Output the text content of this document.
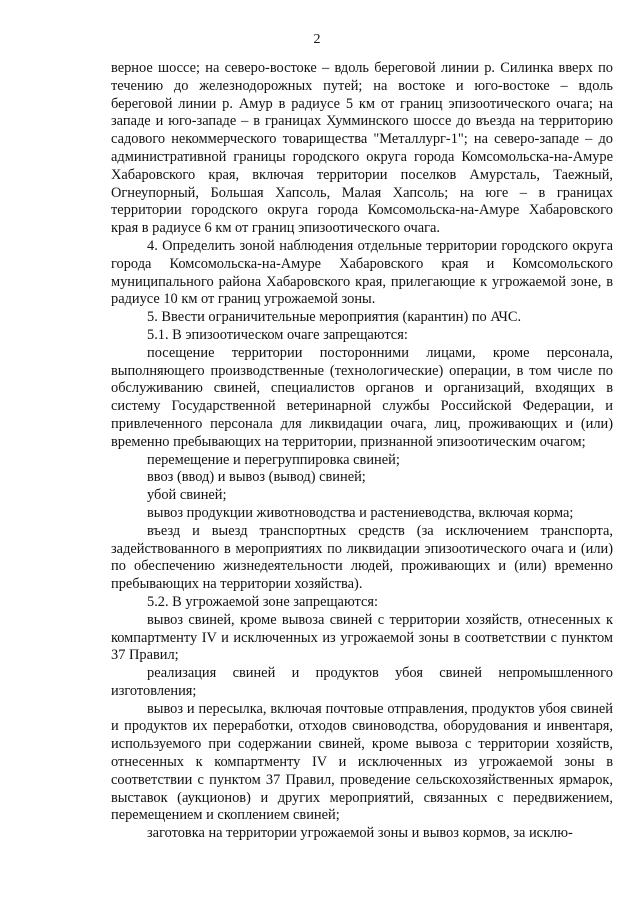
2

верное шоссе; на северо-востоке – вдоль береговой линии р. Силинка вверх по течению до железнодорожных путей; на востоке и юго-востоке – вдоль береговой линии р. Амур в радиусе 5 км от границ эпизоотического очага; на западе и юго-западе – в границах Хумминского шоссе до въезда на территорию садового некоммерческого товарищества "Металлург-1"; на северо-западе – до административной границы городского округа города Комсомольска-на-Амуре Хабаровского края, включая территории поселков Амурсталь, Таежный, Огнеупорный, Большая Хапсоль, Малая Хапсоль; на юге – в границах территории городского округа города Комсомольска-на-Амуре Хабаровского края в радиусе 6 км от границ эпизоотического очага.

4. Определить зоной наблюдения отдельные территории городского округа города Комсомольска-на-Амуре Хабаровского края и Комсомольского муниципального района Хабаровского края, прилегающие к угрожаемой зоне, в радиусе 10 км от границ угрожаемой зоны.

5. Ввести ограничительные мероприятия (карантин) по АЧС.

5.1. В эпизоотическом очаге запрещаются:

посещение территории посторонними лицами, кроме персонала, выполняющего производственные (технологические) операции, в том числе по обслуживанию свиней, специалистов органов и организаций, входящих в систему Государственной ветеринарной службы Российской Федерации, и привлеченного персонала для ликвидации очага, лиц, проживающих и (или) временно пребывающих на территории, признанной эпизоотическим очагом;

перемещение и перегруппировка свиней;

ввоз (ввод) и вывоз (вывод) свиней;

убой свиней;

вывоз продукции животноводства и растениеводства, включая корма;

въезд и выезд транспортных средств (за исключением транспорта, задействованного в мероприятиях по ликвидации эпизоотического очага и (или) по обеспечению жизнедеятельности людей, проживающих и (или) временно пребывающих на территории хозяйства).

5.2. В угрожаемой зоне запрещаются:

вывоз свиней, кроме вывоза свиней с территории хозяйств, отнесенных к компартменту IV и исключенных из угрожаемой зоны в соответствии с пунктом 37 Правил;

реализация свиней и продуктов убоя свиней непромышленного изготовления;

вывоз и пересылка, включая почтовые отправления, продуктов убоя свиней и продуктов их переработки, отходов свиноводства, оборудования и инвентаря, используемого при содержании свиней, кроме вывоза с территории хозяйств, отнесенных к компартменту IV и исключенных из угрожаемой зоны в соответствии с пунктом 37 Правил, проведение сельскохозяйственных ярмарок, выставок (аукционов) и других мероприятий, связанных с передвижением, перемещением и скоплением свиней;

заготовка на территории угрожаемой зоны и вывоз кормов, за исклю-
